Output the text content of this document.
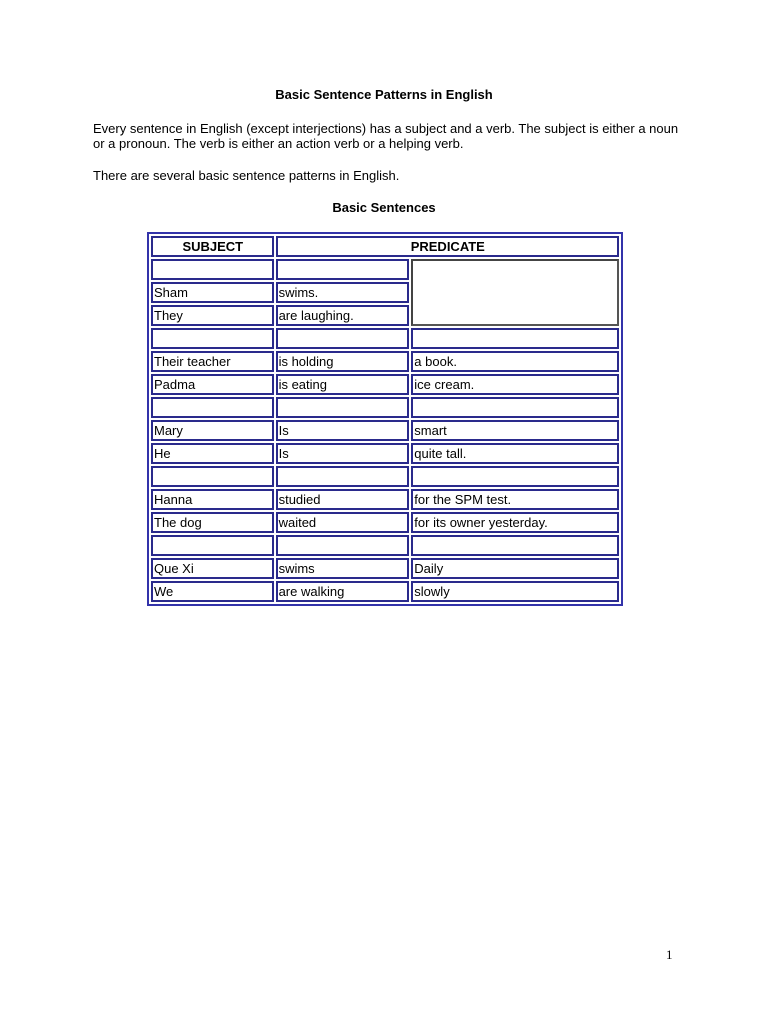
Basic Sentence Patterns in English

Every sentence in English (except interjections) has a subject and a verb. The subject is either a noun or a pronoun. The verb is either an action verb or a helping verb.

There are several basic sentence patterns in English.

Basic Sentences
SUBJECT	PREDICATE	

Sham	swims.	
They	are laughing.	

Their teacher	is holding	a book.
Padma	is eating	ice cream.

Mary	Is	smart
He	Is	quite tall.

Hanna	studied	for the SPM test.
The dog	waited	for its owner yesterday.

Que Xi	swims	Daily
We	are walking	slowly

1
